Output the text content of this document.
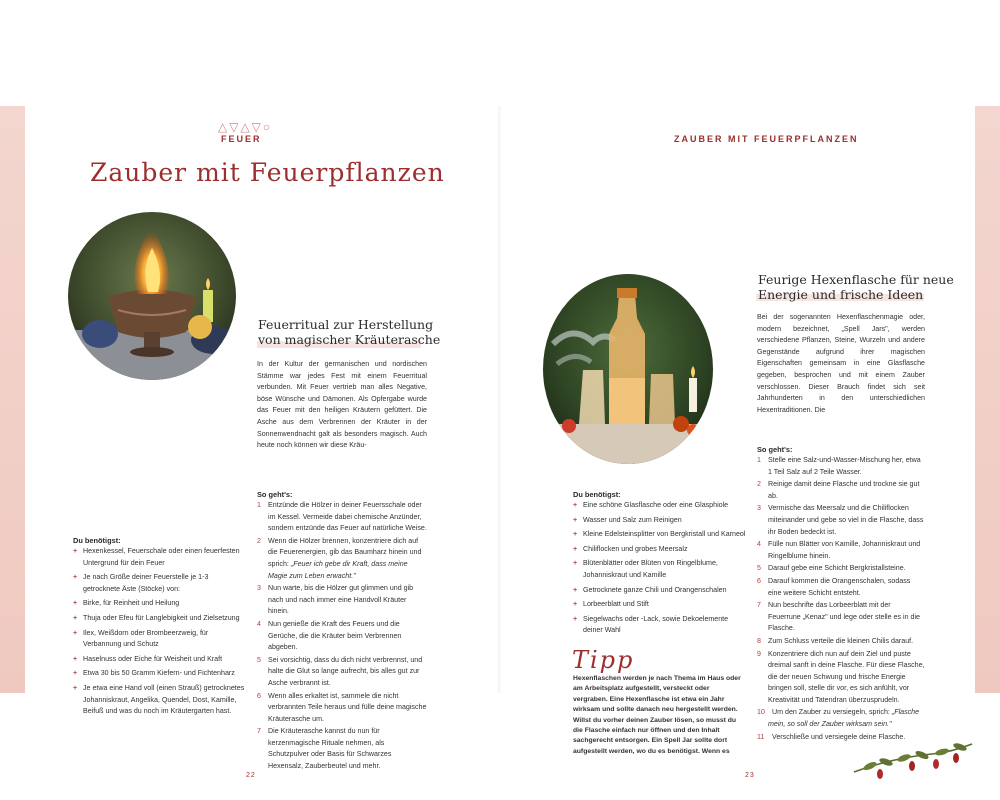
△▽△▽○
FEUER
Zauber mit Feuerpflanzen
Feuerritual zur Herstellung
von magischer Kräuterasche
In der Kultur der germanischen und nordischen Stämme war jedes Fest mit einem Feuerritual verbunden. Mit Feuer vertrieb man alles Negative, böse Wünsche und Dämonen. Als Opfergabe wurde das Feuer mit den heiligen Kräutern gefüttert. Die Asche aus dem Verbrennen der Kräuter in der Sonnenwendnacht galt als besonders magisch. Auch heute noch können wir diese Kräu-
Du benötigst:
+ Hexenkessel, Feuerschale oder einen feuerfesten Untergrund für dein Feuer
+ Je nach Größe deiner Feuerstelle je 1-3 getrocknete Äste (Stöcke) von:
+ Birke, für Reinheit und Heilung
+ Thuja oder Efeu für Langlebigkeit und Zielsetzung
+ Ilex, Weißdorn oder Brombeerzweig, für Verbannung und Schutz
+ Haselnuss oder Eiche für Weisheit und Kraft
+ Etwa 30 bis 50 Gramm Kiefern- und Fichtenharz
+ Je etwa eine Hand voll (einen Strauß) getrocknetes Johanniskraut, Angelika, Quendel, Dost, Kamille, Beifuß und was du noch im Kräutergarten hast.
So geht's:
1 Entzünde die Hölzer in deiner Feuersschale oder im Kessel. Vermeide dabei chemische Anzünder, sondern entzünde das Feuer auf natürliche Weise.
2 Wenn die Hölzer brennen, konzentriere dich auf die Feuerenergien, gib das Baumharz hinein und sprich: „Feuer ich gebe dir Kraft, dass meine Magie zum Leben erwacht."
3 Nun warte, bis die Hölzer gut glimmen und gib nach und nach immer eine Handvoll Kräuter hinein.
4 Nun genieße die Kraft des Feuers und die Gerüche, die die Kräuter beim Verbrennen abgeben.
5 Sei vorsichtig, dass du dich nicht verbrennst, und halte die Glut so lange aufrecht, bis alles gut zur Asche verbrannt ist.
6 Wenn alles erkaltet ist, sammele die nicht verbrannten Teile heraus und fülle deine magische Kräuterasche um.
7 Die Kräuterasche kannst du nun für kerzenmagische Rituale nehmen, als Schutzpulver oder Basis für Schwarzes Hexensalz, Zauberbeutel und mehr.
22
ZAUBER MIT FEUERPFLANZEN
Feurige Hexenflasche für neue
Energie und frische Ideen
Bei der sogenannten Hexenflaschenmagie oder, modern bezeichnet, „Spell Jars", werden verschiedene Pflanzen, Steine, Wurzeln und andere Gegenstände aufgrund ihrer magischen Eigenschaften gemeinsam in eine Glasflasche gegeben, besprochen und mit einem Zauber verschlossen. Dieser Brauch findet sich seit Jahrhunderten in den unterschiedlichen Hexentraditionen. Die
Du benötigst:
+ Eine schöne Glasflasche oder eine Glasphiole
+ Wasser und Salz zum Reinigen
+ Kleine Edelsteinsplitter von Bergkristall und Karneol
+ Chiliflocken und grobes Meersalz
+ Blütenblätter oder Blüten von Ringelblume, Johanniskraut und Kamille
+ Getrocknete ganze Chili und Orangenschalen
+ Lorbeerblatt und Stift
+ Siegelwachs oder -Lack, sowie Dekoelemente deiner Wahl
Tipp
Hexenflaschen werden je nach Thema im Haus oder am Arbeitsplatz aufgestellt, versteckt oder vergraben. Eine Hexenflasche ist etwa ein Jahr wirksam und sollte danach neu hergestellt werden. Willst du vorher deinen Zauber lösen, so musst du die Flasche einfach nur öffnen und den Inhalt sachgerecht entsorgen. Ein Spell Jar sollte dort aufgestellt werden, wo du es benötigst. Wenn es
So geht's:
1 Stelle eine Salz-und-Wasser-Mischung her, etwa 1 Teil Salz auf 2 Teile Wasser.
2 Reinige damit deine Flasche und trockne sie gut ab.
3 Vermische das Meersalz und die Chiliflocken miteinander und gebe so viel in die Flasche, dass ihr Boden bedeckt ist.
4 Fülle nun Blätter von Kamille, Johanniskraut und Ringelblume hinein.
5 Darauf gebe eine Schicht Bergkristallsteine.
6 Darauf kommen die Orangenschalen, sodass eine weitere Schicht entsteht.
7 Nun beschrifte das Lorbeerblatt mit der Feuerrune „Kenaz" und lege oder stelle es in die Flasche.
8 Zum Schluss verteile die kleinen Chilis darauf.
9 Konzentriere dich nun auf dein Ziel und puste dreimal sanft in deine Flasche. Für diese Flasche, die der neuen Schwung und frische Energie bringen soll, stelle dir vor, es sich anfühlt, vor Kreativität und Tatendran überzusprudeln.
10 Um den Zauber zu versiegeln, sprich: „Flasche mein, so soll der Zauber wirksam sein."
11 Verschließe und versiegele deine Flasche.
23
